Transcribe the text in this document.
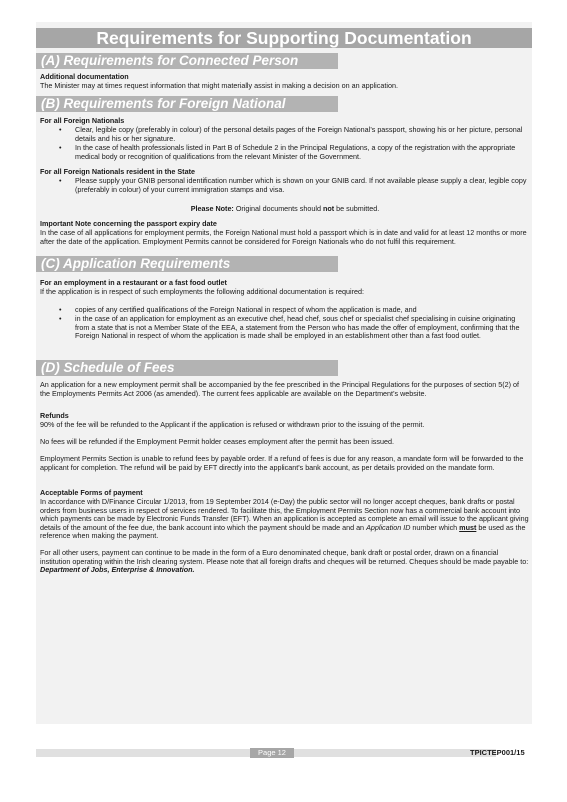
Requirements for Supporting Documentation
(A) Requirements for Connected Person
Additional documentation
The Minister may at times request information that might materially assist in making a decision on an application.
(B) Requirements for Foreign National
For all Foreign Nationals
• Clear, legible copy (preferably in colour) of the personal details pages of the Foreign National’s passport, showing his or her picture, personal details and his or her signature.
• In the case of health professionals listed in Part B of Schedule 2 in the Principal Regulations, a copy of the registration with the appropriate medical body or recognition of qualifications from the relevant Minister of the Government.
For all Foreign Nationals resident in the State
• Please supply your GNIB personal identification number which is shown on your GNIB card. If not available please supply a clear, legible copy (preferably in colour) of your current immigration stamps and visa.
Please Note: Original documents should not be submitted.
Important Note concerning the passport expiry date
In the case of all applications for employment permits, the Foreign National must hold a passport which is in date and valid for at least 12 months or more after the date of the application. Employment Permits cannot be considered for Foreign Nationals who do not fulfil this requirement.
(C) Application Requirements
For an employment in a restaurant or a fast food outlet
If the application is in respect of such employments the following additional documentation is required:
• copies of any certified qualifications of the Foreign National in respect of whom the application is made, and
• in the case of an application for employment as an executive chef, head chef, sous chef or specialist chef specialising in cuisine originating from a state that is not a Member State of the EEA, a statement from the Person who has made the offer of employment, confirming that the Foreign National in respect of whom the application is made shall be employed in an establishment other than a fast food outlet.
(D) Schedule of Fees
An application for a new employment permit shall be accompanied by the fee prescribed in the Principal Regulations for the purposes of section 5(2) of the Employments Permits Act 2006 (as amended). The current fees applicable are available on the Department’s website.
Refunds
90% of the fee will be refunded to the Applicant if the application is refused or withdrawn prior to the issuing of the permit.
No fees will be refunded if the Employment Permit holder ceases employment after the permit has been issued.
Employment Permits Section is unable to refund fees by payable order. If a refund of fees is due for any reason, a mandate form will be forwarded to the applicant for completion. The refund will be paid by EFT directly into the applicant's bank account, as per details provided on the mandate form.
Acceptable Forms of payment
In accordance with D/Finance Circular 1/2013, from 19 September 2014 (e-Day) the public sector will no longer accept cheques, bank drafts or postal orders from business users in respect of services rendered. To facilitate this, the Employment Permits Section now has a commercial bank account into which payments can be made by Electronic Funds Transfer (EFT). When an application is accepted as complete an email will issue to the applicant giving details of the amount of the fee due, the bank account into which the payment should be made and an Application ID number which must be used as the reference when making the payment.
For all other users, payment can continue to be made in the form of a Euro denominated cheque, bank draft or postal order, drawn on a financial institution operating within the Irish clearing system. Please note that all foreign drafts and cheques will be returned. Cheques should be made payable to: Department of Jobs, Enterprise & Innovation.
Page 12	TPICTEP001/15
